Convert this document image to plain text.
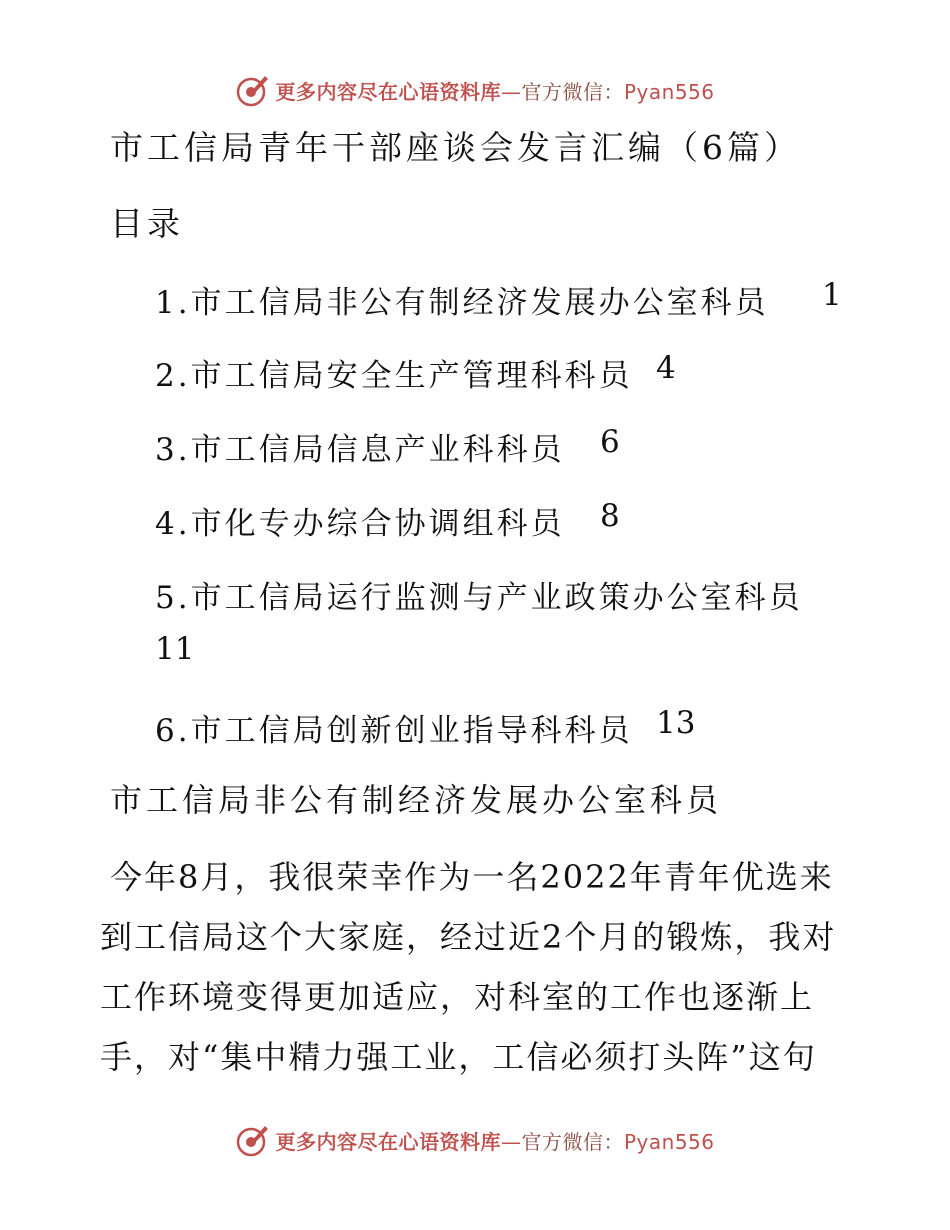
更多内容尽在心语资料库—官方微信：Pyan556
市工信局青年干部座谈会发言汇编（6篇）
目录
1.市工信局非公有制经济发展办公室科员 1
2.市工信局安全生产管理科科员 4
3.市工信局信息产业科科员 6
4.市化专办综合协调组科员 8
5.市工信局运行监测与产业政策办公室科员
11
6.市工信局创新创业指导科科员 13
市工信局非公有制经济发展办公室科员
今年8月，我很荣幸作为一名2022年青年优选来
到工信局这个大家庭，经过近2个月的锻炼，我对
工作环境变得更加适应，对科室的工作也逐渐上
手，对“集中精力强工业，工信必须打头阵”这句
更多内容尽在心语资料库—官方微信：Pyan556
